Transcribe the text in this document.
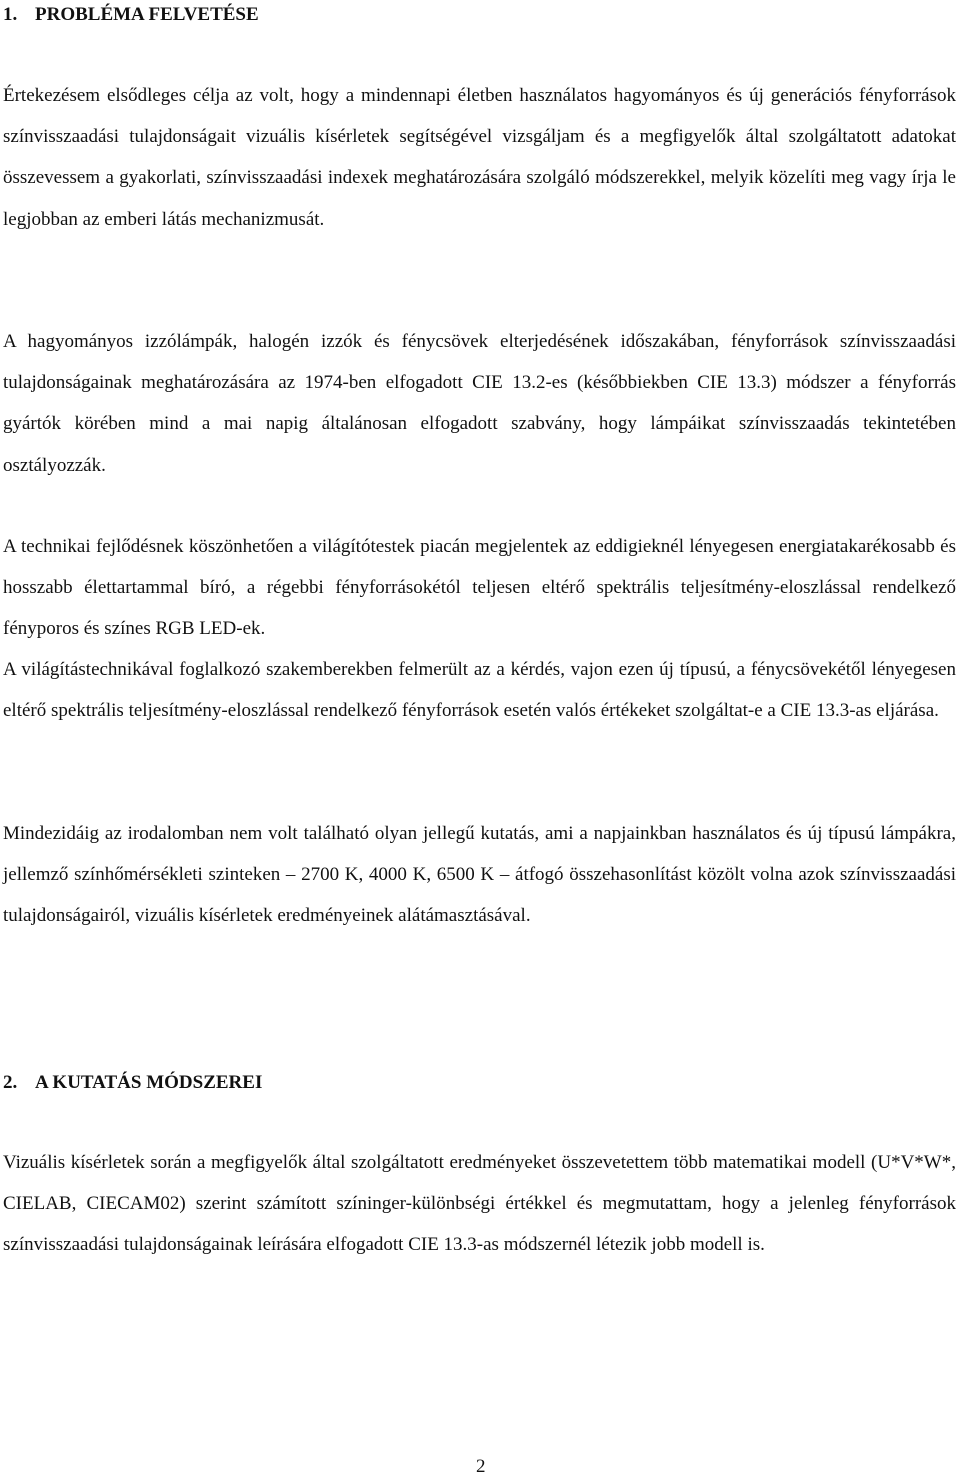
1. PROBLÉMA FELVETÉSE

Értekezésem elsődleges célja az volt, hogy a mindennapi életben használatos hagyományos és új generációs fényforrások színvisszaadási tulajdonságait vizuális kísérletek segítségével vizsgáljam és a megfigyelők által szolgáltatott adatokat összevessem a gyakorlati, színvisszaadási indexek meghatározására szolgáló módszerekkel, melyik közelíti meg vagy írja le legjobban az emberi látás mechanizmusát.

A hagyományos izzólámpák, halogén izzók és fénycsövek elterjedésének időszakában, fényforrások színvisszaadási tulajdonságainak meghatározására az 1974-ben elfogadott CIE 13.2-es (későbbiekben CIE 13.3) módszer a fényforrás gyártók körében mind a mai napig általánosan elfogadott szabvány, hogy lámpáikat színvisszaadás tekintetében osztályozzák.

A technikai fejlődésnek köszönhetően a világítótestek piacán megjelentek az eddigieknél lényegesen energiatakarékosabb és hosszabb élettartammal bíró, a régebbi fényforrásokétól teljesen eltérő spektrális teljesítmény-eloszlással rendelkező fényporos és színes RGB LED-ek.

A világítástechnikával foglalkozó szakemberekben felmerült az a kérdés, vajon ezen új típusú, a fénycsövekétől lényegesen eltérő spektrális teljesítmény-eloszlással rendelkező fényforrások esetén valós értékeket szolgáltat-e a CIE 13.3-as eljárása.

Mindezidáig az irodalomban nem volt található olyan jellegű kutatás, ami a napjainkban használatos és új típusú lámpákra, jellemző színhőmérsékleti szinteken – 2700 K, 4000 K, 6500 K – átfogó összehasonlítást közölt volna azok színvisszaadási tulajdonságairól, vizuális kísérletek eredményeinek alátámasztásával.

2. A KUTATÁS MÓDSZEREI

Vizuális kísérletek során a megfigyelők által szolgáltatott eredményeket összevetettem több matematikai modell (U*V*W*, CIELAB, CIECAM02) szerint számított színinger-különbségi értékkel és megmutattam, hogy a jelenleg fényforrások színvisszaadási tulajdonságainak leírására elfogadott CIE 13.3-as módszernél létezik jobb modell is.

2
